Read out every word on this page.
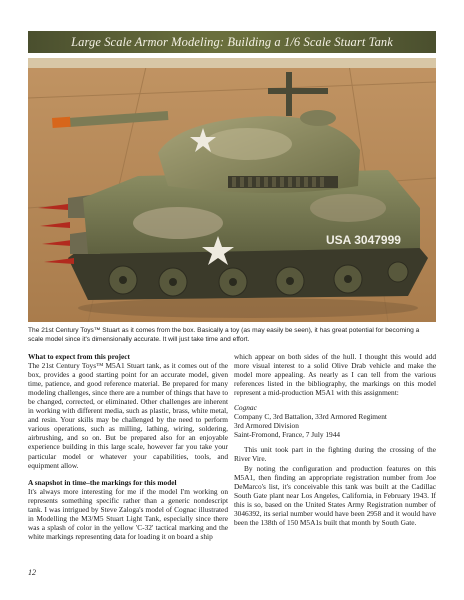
Large Scale Armor Modeling: Building a 1/6 Scale Stuart Tank
USA 3047999

The 21st Century Toys™ Stuart as it comes from the box. Basically a toy (as may easily be seen), it has great potential for becoming a scale model since it's dimensionally accurate. It will just take time and effort.

What to expect from this project

The 21st Century Toys™ M5A1 Stuart tank, as it comes out of the box, provides a good starting point for an accurate model, given time, patience, and good reference material. Be prepared for many modeling challenges, since there are a number of things that have to be changed, corrected, or eliminated. Other challenges are inherent in working with different media, such as plastic, brass, white metal, and resin. Your skills may be challenged by the need to perform various operations, such as milling, lathing, wiring, soldering, airbrushing, and so on. But be prepared also for an enjoyable experience building in this large scale, however far you take your particular model or whatever your capabilities, tools, and equipment allow.

A snapshot in time–the markings for this model

It's always more interesting for me if the model I'm working on represents something specific rather than a generic nondescript tank. I was intrigued by Steve Zaloga's model of Cognac illustrated in Modelling the M3/M5 Stuart Light Tank, especially since there was a splash of color in the yellow 'C-32' tactical marking and the white markings representing data for loading it on board a ship

which appear on both sides of the hull. I thought this would add more visual interest to a solid Olive Drab vehicle and make the model more appealing. As nearly as I can tell from the various references listed in the bibliography, the markings on this model represent a mid-production M5A1 with this assignment:

Cognac

Company C, 3rd Battalion, 33rd Armored Regiment

3rd Armored Division

Saint-Fromond, France, 7 July 1944

This unit took part in the fighting during the crossing of the River Vire.

By noting the configuration and production features on this M5A1, then finding an appropriate registration number from Joe DeMarco's list, it's conceivable this tank was built at the Cadillac South Gate plant near Los Angeles, California, in February 1943. If this is so, based on the United States Army Registration number of 3046392, its serial number would have been 2958 and it would have been the 138th of 150 M5A1s built that month by South Gate.

12
